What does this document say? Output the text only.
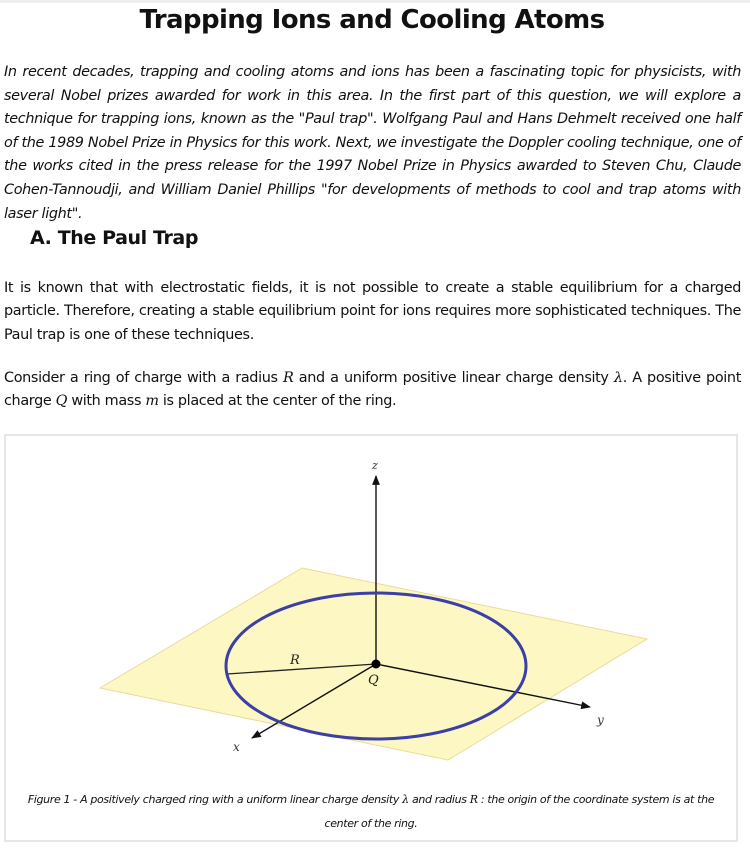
Trapping Ions and Cooling Atoms

In recent decades, trapping and cooling atoms and ions has been a fascinating topic for physicists, with several Nobel prizes awarded for work in this area. In the first part of this question, we will explore a technique for trapping ions, known as the "Paul trap". Wolfgang Paul and Hans Dehmelt received one half of the 1989 Nobel Prize in Physics for this work. Next, we investigate the Doppler cooling technique, one of the works cited in the press release for the 1997 Nobel Prize in Physics awarded to Steven Chu, Claude Cohen-Tannoudji, and William Daniel Phillips "for developments of methods to cool and trap atoms with laser light".

A. The Paul Trap

It is known that with electrostatic fields, it is not possible to create a stable equilibrium for a charged particle. Therefore, creating a stable equilibrium point for ions requires more sophisticated techniques. The Paul trap is one of these techniques.

Consider a ring of charge with a radius R and a uniform positive linear charge density λ. A positive point charge Q with mass m is placed at the center of the ring.

z
y
x
R
Q
Figure 1 - A positively charged ring with a uniform linear charge density λ and radius R : the origin of the coordinate system is at the center of the ring.
